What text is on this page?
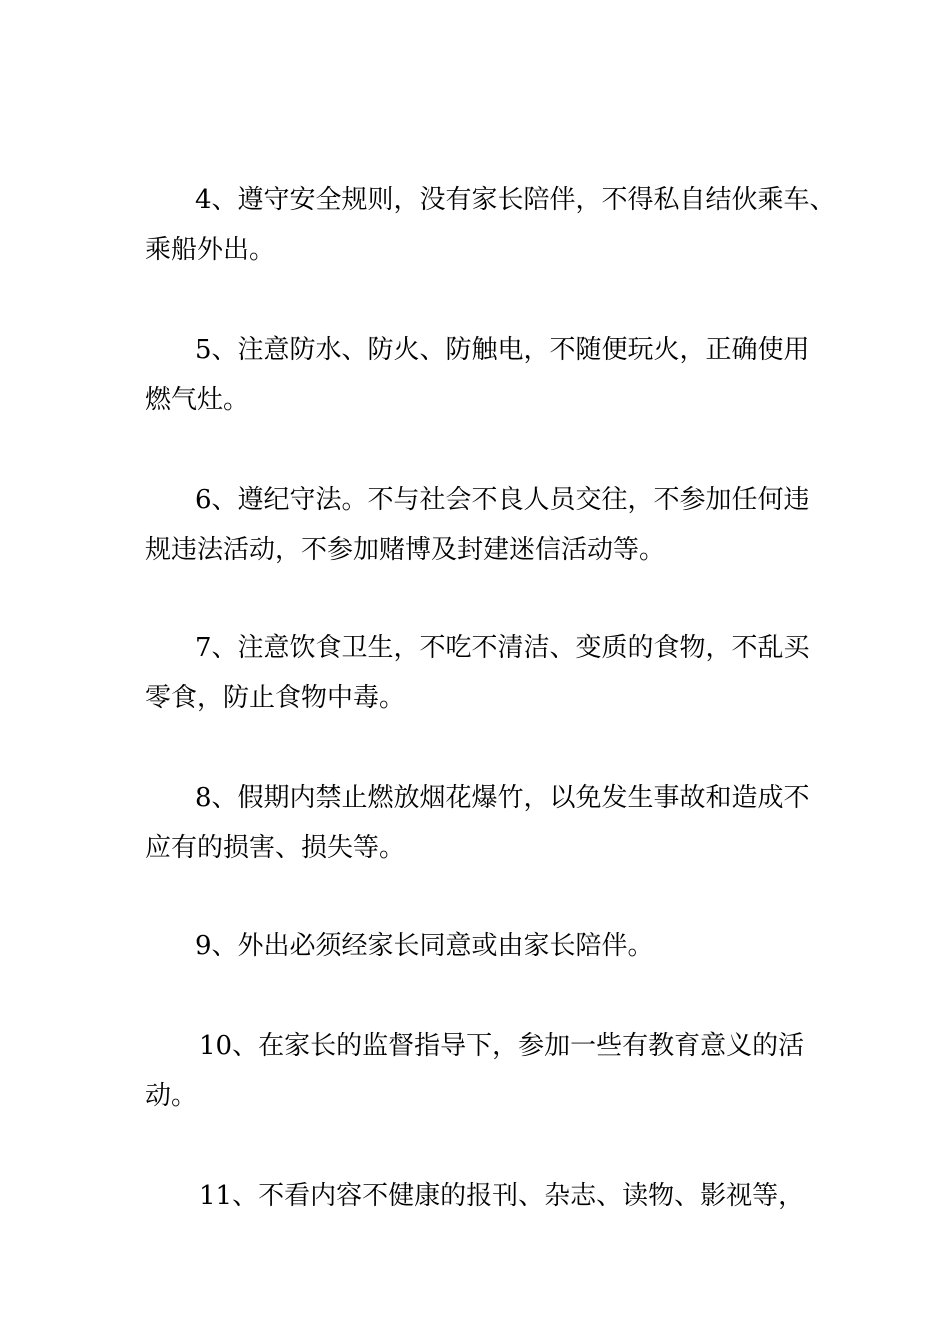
4、遵守安全规则，没有家长陪伴，不得私自结伙乘车、
乘船外出。
5、注意防水、防火、防触电，不随便玩火，正确使用
燃气灶。
6、遵纪守法。不与社会不良人员交往，不参加任何违
规违法活动，不参加赌博及封建迷信活动等。
7、注意饮食卫生，不吃不清洁、变质的食物，不乱买
零食，防止食物中毒。
8、假期内禁止燃放烟花爆竹，以免发生事故和造成不
应有的损害、损失等。
9、外出必须经家长同意或由家长陪伴。
10、在家长的监督指导下，参加一些有教育意义的活
动。
11、不看内容不健康的报刊、杂志、读物、影视等，
